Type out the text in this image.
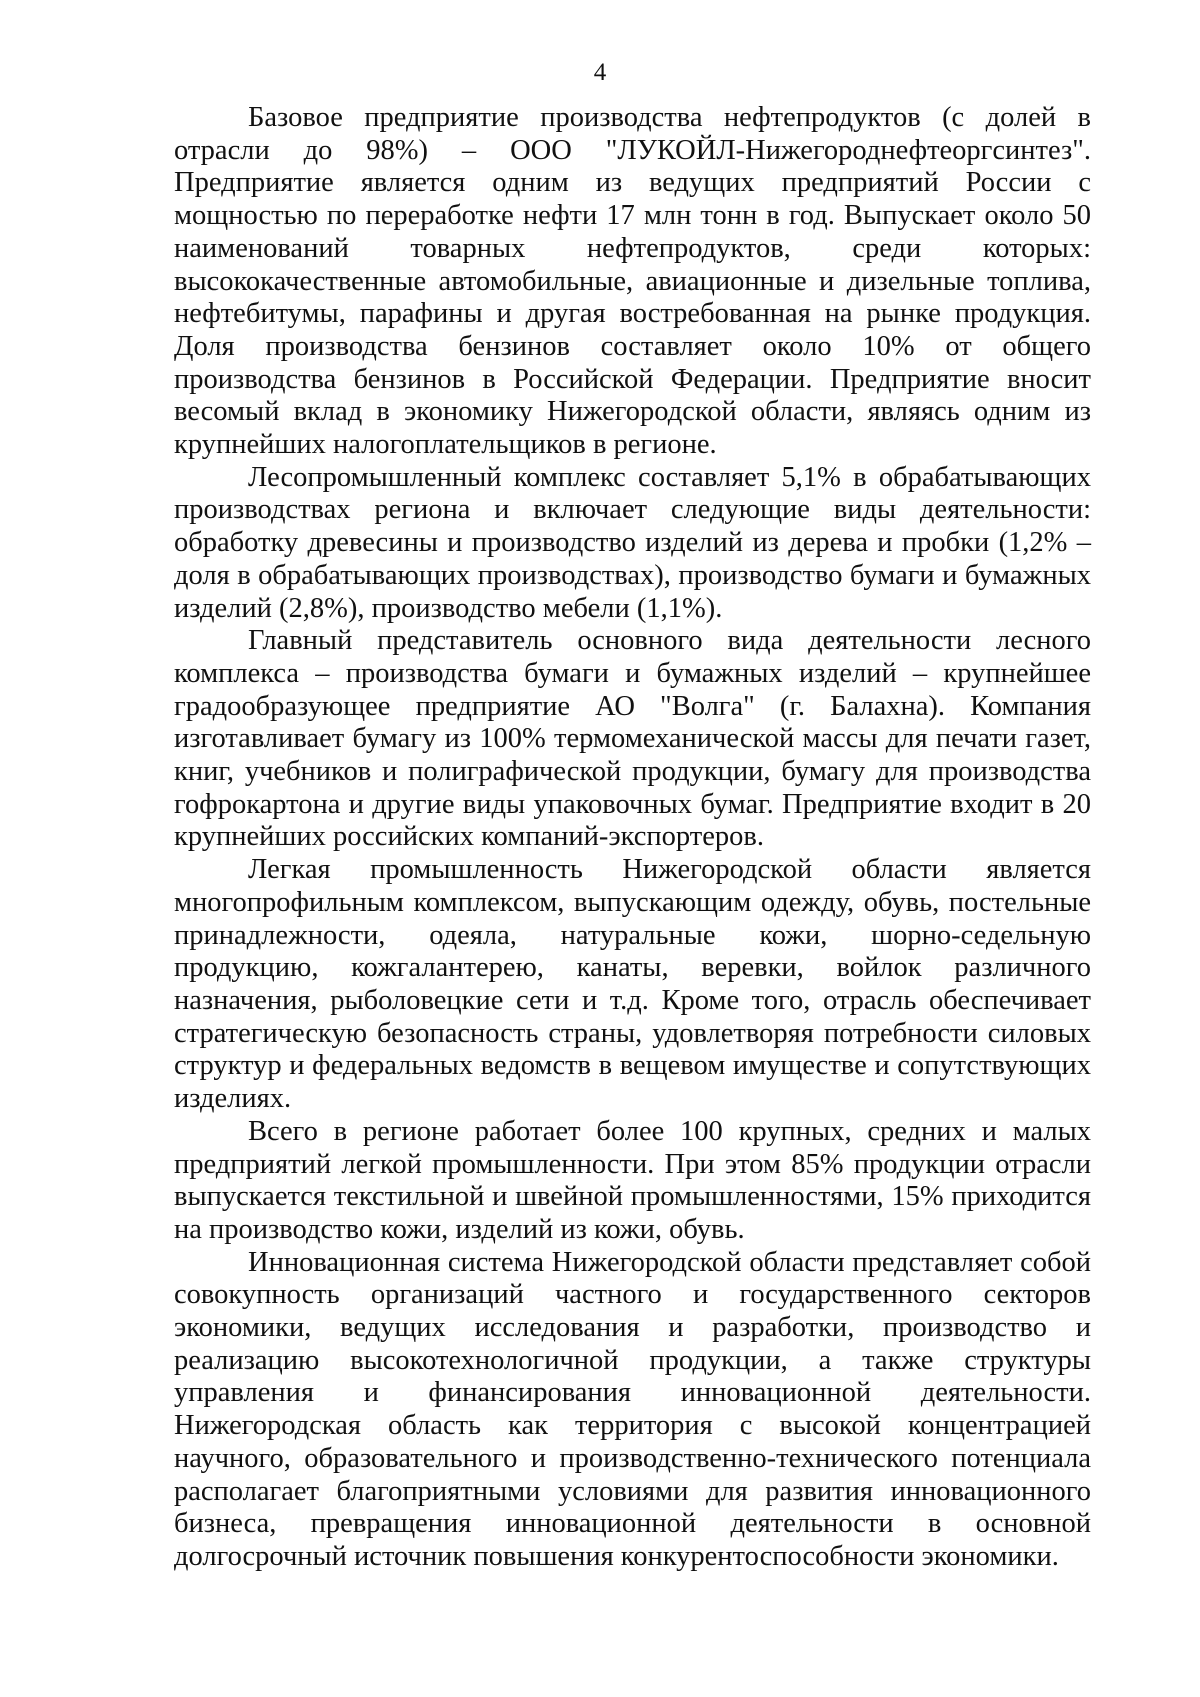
4

Базовое предприятие производства нефтепродуктов (с долей в отрасли до 98%) – ООО "ЛУКОЙЛ-Нижегороднефтеоргсинтез". Предприятие является одним из ведущих предприятий России с мощностью по переработке нефти 17 млн тонн в год. Выпускает около 50 наименований товарных нефтепродуктов, среди которых: высококачественные автомобильные, авиационные и дизельные топлива, нефтебитумы, парафины и другая востребованная на рынке продукция. Доля производства бензинов составляет около 10% от общего производства бензинов в Российской Федерации. Предприятие вносит весомый вклад в экономику Нижегородской области, являясь одним из крупнейших налогоплательщиков в регионе.

Лесопромышленный комплекс составляет 5,1% в обрабатывающих производствах региона и включает следующие виды деятельности: обработку древесины и производство изделий из дерева и пробки (1,2% – доля в обрабатывающих производствах), производство бумаги и бумажных изделий (2,8%), производство мебели (1,1%).

Главный представитель основного вида деятельности лесного комплекса – производства бумаги и бумажных изделий – крупнейшее градообразующее предприятие АО "Волга" (г. Балахна). Компания изготавливает бумагу из 100% термомеханической массы для печати газет, книг, учебников и полиграфической продукции, бумагу для производства гофрокартона и другие виды упаковочных бумаг. Предприятие входит в 20 крупнейших российских компаний-экспортеров.

Легкая промышленность Нижегородской области является многопрофильным комплексом, выпускающим одежду, обувь, постельные принадлежности, одеяла, натуральные кожи, шорно-седельную продукцию, кожгалантерею, канаты, веревки, войлок различного назначения, рыболовецкие сети и т.д. Кроме того, отрасль обеспечивает стратегическую безопасность страны, удовлетворяя потребности силовых структур и федеральных ведомств в вещевом имуществе и сопутствующих изделиях.

Всего в регионе работает более 100 крупных, средних и малых предприятий легкой промышленности. При этом 85% продукции отрасли выпускается текстильной и швейной промышленностями, 15% приходится на производство кожи, изделий из кожи, обувь.

Инновационная система Нижегородской области представляет собой совокупность организаций частного и государственного секторов экономики, ведущих исследования и разработки, производство и реализацию высокотехнологичной продукции, а также структуры управления и финансирования инновационной деятельности. Нижегородская область как территория с высокой концентрацией научного, образовательного и производственно-технического потенциала располагает благоприятными условиями для развития инновационного бизнеса, превращения инновационной деятельности в основной долгосрочный источник повышения конкурентоспособности экономики.
